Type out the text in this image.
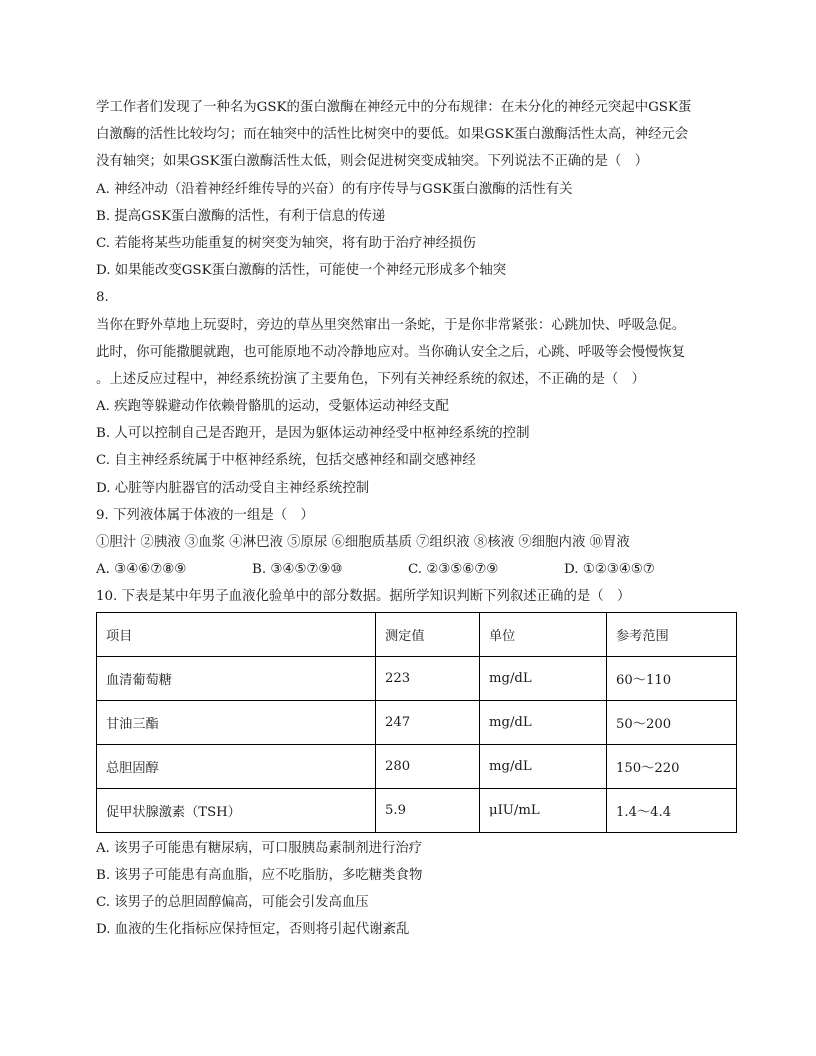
学工作者们发现了一种名为GSK的蛋白激酶在神经元中的分布规律：在未分化的神经元突起中GSK蛋
白激酶的活性比较均匀；而在轴突中的活性比树突中的要低。如果GSK蛋白激酶活性太高，神经元会
没有轴突；如果GSK蛋白激酶活性太低，则会促进树突变成轴突。下列说法不正确的是（　）
A. 神经冲动（沿着神经纤维传导的兴奋）的有序传导与GSK蛋白激酶的活性有关
B. 提高GSK蛋白激酶的活性，有利于信息的传递
C. 若能将某些功能重复的树突变为轴突，将有助于治疗神经损伤
D. 如果能改变GSK蛋白激酶的活性，可能使一个神经元形成多个轴突
8.
当你在野外草地上玩耍时，旁边的草丛里突然窜出一条蛇，于是你非常紧张：心跳加快、呼吸急促。
此时，你可能撒腿就跑，也可能原地不动冷静地应对。当你确认安全之后，心跳、呼吸等会慢慢恢复
。上述反应过程中，神经系统扮演了主要角色，下列有关神经系统的叙述，不正确的是（　）
A. 疾跑等躲避动作依赖骨骼肌的运动，受躯体运动神经支配
B. 人可以控制自己是否跑开，是因为躯体运动神经受中枢神经系统的控制
C. 自主神经系统属于中枢神经系统，包括交感神经和副交感神经
D. 心脏等内脏器官的活动受自主神经系统控制
9. 下列液体属于体液的一组是（　）
①胆汁 ②胰液 ③血浆 ④淋巴液 ⑤原尿 ⑥细胞质基质 ⑦组织液 ⑧核液 ⑨细胞内液 ⑩胃液
A. ③④⑥⑦⑧⑨	B. ③④⑤⑦⑨⑩	C. ②③⑤⑥⑦⑨	D. ①②③④⑤⑦
10. 下表是某中年男子血液化验单中的部分数据。据所学知识判断下列叙述正确的是（　）
项目	测定值	单位	参考范围
血清葡萄糖	223	mg/dL	60～110
甘油三酯	247	mg/dL	50～200
总胆固醇	280	mg/dL	150～220
促甲状腺激素（TSH）	5.9	μIU/mL	1.4～4.4
A. 该男子可能患有糖尿病，可口服胰岛素制剂进行治疗
B. 该男子可能患有高血脂，应不吃脂肪，多吃糖类食物
C. 该男子的总胆固醇偏高，可能会引发高血压
D. 血液的生化指标应保持恒定，否则将引起代谢紊乱
